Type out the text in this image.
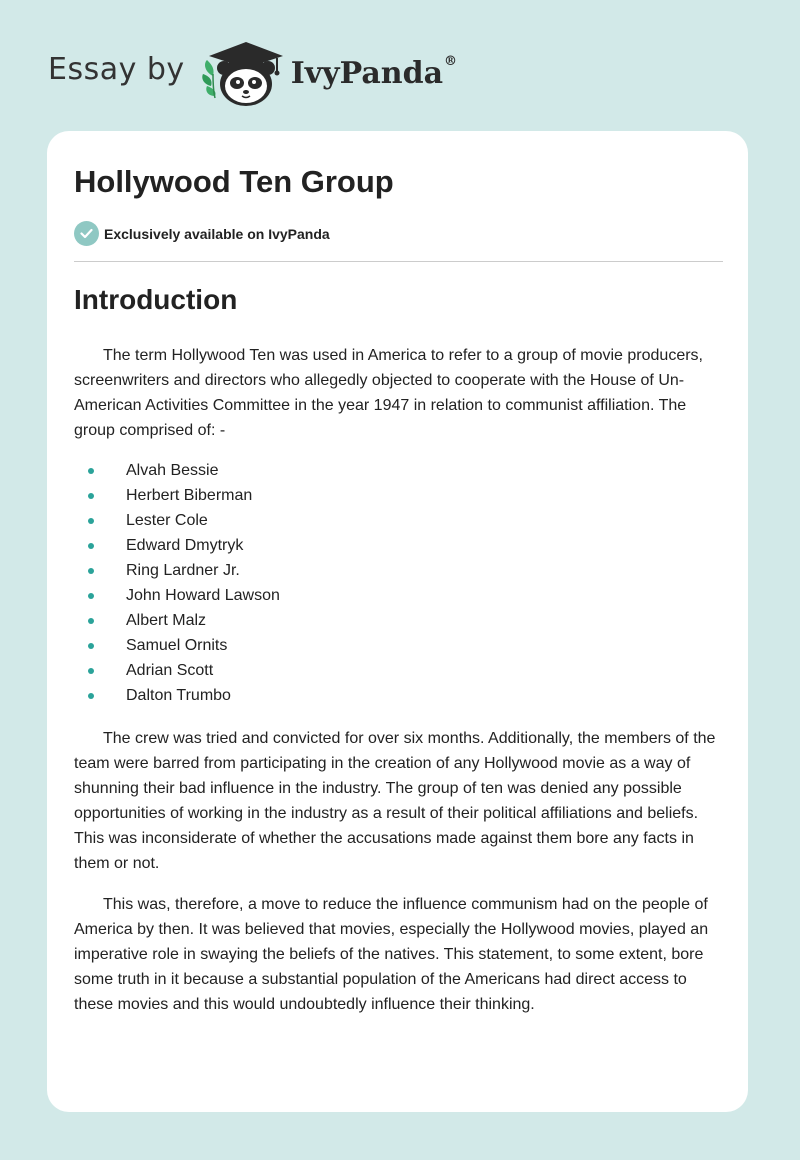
Essay by	IvyPanda®
Hollywood Ten Group
Exclusively available on IvyPanda
Introduction

The term Hollywood Ten was used in America to refer to a group of movie producers, screenwriters and directors who allegedly objected to cooperate with the House of Un-American Activities Committee in the year 1947 in relation to communist affiliation. The group comprised of: -

Alvah Bessie
Herbert Biberman
Lester Cole
Edward Dmytryk
Ring Lardner Jr.
John Howard Lawson
Albert Malz
Samuel Ornits
Adrian Scott
Dalton Trumbo

The crew was tried and convicted for over six months. Additionally, the members of the team were barred from participating in the creation of any Hollywood movie as a way of shunning their bad influence in the industry. The group of ten was denied any possible opportunities of working in the industry as a result of their political affiliations and beliefs. This was inconsiderate of whether the accusations made against them bore any facts in them or not.

This was, therefore, a move to reduce the influence communism had on the people of America by then. It was believed that movies, especially the Hollywood movies, played an imperative role in swaying the beliefs of the natives. This statement, to some extent, bore some truth in it because a substantial population of the Americans had direct access to these movies and this would undoubtedly influence their thinking.
